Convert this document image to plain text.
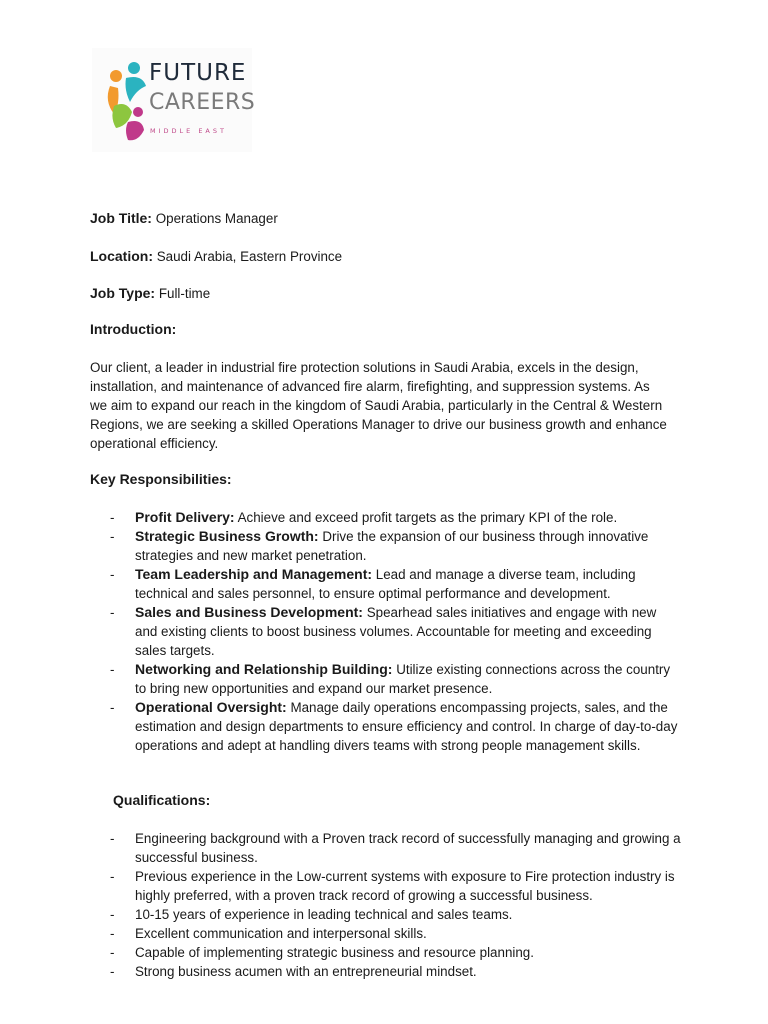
FUTURE
CAREERS
MIDDLE EAST
Job Title: Operations Manager
Location: Saudi Arabia, Eastern Province
Job Type: Full-time
Introduction:
Our client, a leader in industrial fire protection solutions in Saudi Arabia, excels in the design, installation, and maintenance of advanced fire alarm, firefighting, and suppression systems. As we aim to expand our reach in the kingdom of Saudi Arabia, particularly in the Central & Western Regions, we are seeking a skilled Operations Manager to drive our business growth and enhance operational efficiency.
Key Responsibilities:
- Profit Delivery: Achieve and exceed profit targets as the primary KPI of the role.
- Strategic Business Growth: Drive the expansion of our business through innovative strategies and new market penetration.
- Team Leadership and Management: Lead and manage a diverse team, including technical and sales personnel, to ensure optimal performance and development.
- Sales and Business Development: Spearhead sales initiatives and engage with new and existing clients to boost business volumes. Accountable for meeting and exceeding sales targets.
- Networking and Relationship Building: Utilize existing connections across the country to bring new opportunities and expand our market presence.
- Operational Oversight: Manage daily operations encompassing projects, sales, and the estimation and design departments to ensure efficiency and control. In charge of day-to-day operations and adept at handling divers teams with strong people management skills.
Qualifications:
- Engineering background with a Proven track record of successfully managing and growing a successful business.
- Previous experience in the Low-current systems with exposure to Fire protection industry is highly preferred, with a proven track record of growing a successful business.
- 10-15 years of experience in leading technical and sales teams.
- Excellent communication and interpersonal skills.
- Capable of implementing strategic business and resource planning.
- Strong business acumen with an entrepreneurial mindset.
